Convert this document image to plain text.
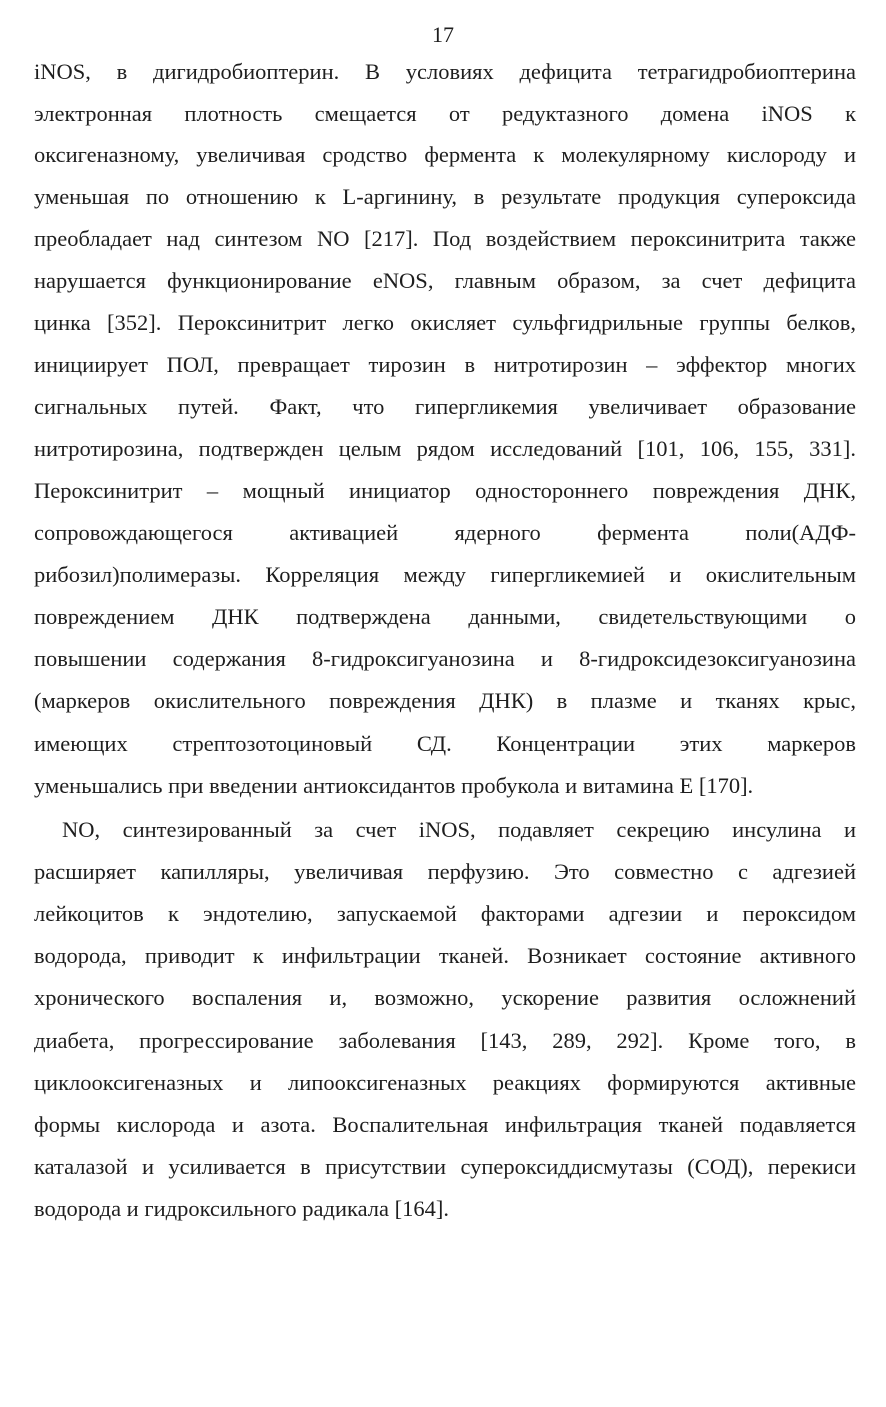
17
iNOS, в дигидробиоптерин. В условиях дефицита тетрагидробиоптерина
электронная плотность смещается от редуктазного домена iNOS к
оксигеназному, увеличивая сродство фермента к молекулярному кислороду и
уменьшая по отношению к L-аргинину, в результате продукция супероксида
преобладает над синтезом NO [217]. Под воздействием пероксинитрита также
нарушается функционирование eNOS, главным образом, за счет дефицита
цинка [352]. Пероксинитрит легко окисляет сульфгидрильные группы белков,
инициирует ПОЛ, превращает тирозин в нитротирозин – эффектор многих
сигнальных путей. Факт, что гипергликемия увеличивает образование
нитротирозина, подтвержден целым рядом исследований [101, 106, 155, 331].
Пероксинитрит – мощный инициатор одностороннего повреждения ДНК,
сопровождающегося активацией ядерного фермента поли(АДФ-
рибозил)полимеразы. Корреляция между гипергликемией и окислительным
повреждением ДНК подтверждена данными, свидетельствующими о
повышении содержания 8-гидроксигуанозина и 8-гидроксидезоксигуанозина
(маркеров окислительного повреждения ДНК) в плазме и тканях крыс,
имеющих стрептозотоциновый СД. Концентрации этих маркеров
уменьшались при введении антиоксидантов пробукола и витамина Е [170].
NO, синтезированный за счет iNOS, подавляет секрецию инсулина и
расширяет капилляры, увеличивая перфузию. Это совместно с адгезией
лейкоцитов к эндотелию, запускаемой факторами адгезии и пероксидом
водорода, приводит к инфильтрации тканей. Возникает состояние активного
хронического воспаления и, возможно, ускорение развития осложнений
диабета, прогрессирование заболевания [143, 289, 292]. Кроме того, в
циклооксигеназных и липооксигеназных реакциях формируются активные
формы кислорода и азота. Воспалительная инфильтрация тканей подавляется
каталазой и усиливается в присутствии супероксиддисмутазы (СОД), перекиси
водорода и гидроксильного радикала [164].
